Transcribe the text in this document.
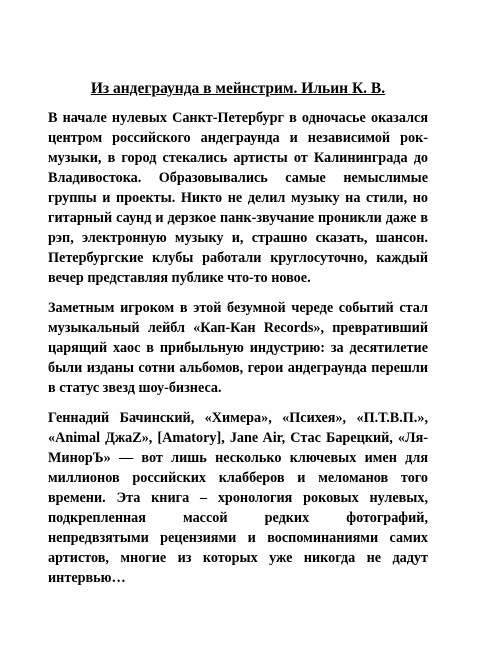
Из андеграунда в мейнстрим. Ильин К. В.

В начале нулевых Санкт-Петербург в одночасье оказался центром российского андеграунда и независимой рок-музыки, в город стекались артисты от Калининграда до Владивостока. Образовывались самые немыслимые группы и проекты. Никто не делил музыку на стили, но гитарный саунд и дерзкое панк-звучание проникли даже в рэп, электронную музыку и, страшно сказать, шансон. Петербургские клубы работали круглосуточно, каждый вечер представляя публике что-то новое.

Заметным игроком в этой безумной череде событий стал музыкальный лейбл «Кап-Кан Records», превративший царящий хаос в прибыльную индустрию: за десятилетие были изданы сотни альбомов, герои андеграунда перешли в статус звезд шоу-бизнеса.

Геннадий Бачинский, «Химера», «Психея», «П.Т.В.П.», «Animal ДжаZ», [Amatory], Jane Air, Стас Барецкий, «Ля-МинорЪ» — вот лишь несколько ключевых имен для миллионов российских клабберов и меломанов того времени. Эта книга – хронология роковых нулевых, подкрепленная массой редких фотографий, непредвзятыми рецензиями и воспоминаниями самих артистов, многие из которых уже никогда не дадут интервью…
